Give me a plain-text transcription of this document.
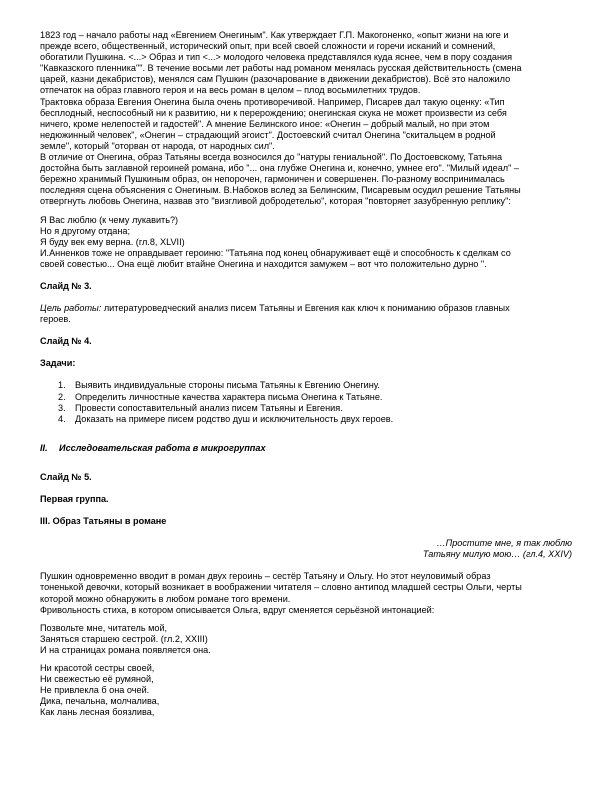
1823 год – начало работы над «Евгением Онегиным". Как утверждает Г.П. Макогоненко, «опыт жизни на юге и

прежде всего, общественный, исторический опыт, при всей своей сложности и горечи исканий и сомнений,

обогатили Пушкина. <...> Образ и тип <...> молодого человека представлялся куда яснее, чем в пору создания

"Кавказского пленника"". В течение восьми лет работы над романом менялась русская действительность (смена

царей, казни декабристов), менялся сам Пушкин (разочарование в движении декабристов). Всё это наложило

отпечаток на образ главного героя и на весь роман в целом – плод восьмилетних трудов.

Трактовка образа Евгения Онегина была очень противоречивой. Например, Писарев дал такую оценку: «Тип

бесплодный, неспособный ни к развитию, ни к перерождению; онегинская скука не может произвести из себя

ничего, кроме нелепостей и гадостей". А мнение Белинского иное: «Онегин – добрый малый, но при этом

недюжинный человек", «Онегин – страдающий эгоист". Достоевский считал Онегина "скитальцем в родной

земле", который "оторван от народа, от народных сил".

В отличие от Онегина, образ Татьяны всегда возносился до "натуры гениальной". По Достоевскому, Татьяна

достойна быть заглавной героиней романа, ибо "... она глубже Онегина и, конечно, умнее его". "Милый идеал" –

бережно хранимый Пушкиным образ, он непорочен, гармоничен и совершенен. По-разному воспринималась

последняя сцена объяснения с Онегиным. В.Набоков вслед за Белинским, Писаревым осудил решение Татьяны

отвергнуть любовь Онегина, назвав это "визгливой добродетелью", которая "повторяет зазубренную реплику":

Я Вас люблю (к чему лукавить?)

Но я другому отдана;

Я буду век ему верна. (гл.8, XLVII)

И.Анненков тоже не оправдывает героиню: "Татьяна под конец обнаруживает ещё и способность к сделкам со

своей совестью... Она ещё любит втайне Онегина и находится замужем – вот что положительно дурно ".

Слайд № 3.

Цель работы: литературоведческий анализ писем Татьяны и Евгения как ключ к пониманию образов главных

героев.

Слайд № 4.

Задачи:

1.	Выявить индивидуальные стороны письма Татьяны к Евгению Онегину.
2.	Определить личностные качества характера письма Онегина к Татьяне.
3.	Провести сопоставительный анализ писем Татьяны и Евгения.
4.	Доказать на примере писем родство душ и исключительность двух героев.

II.	Исследовательская работа в микрогруппах

Слайд № 5.

Первая группа.

III. Образ Татьяны в романе

…Простите мне, я так люблю

Татьяну милую мою… (гл.4, XXIV)

Пушкин одновременно вводит в роман двух героинь – сестёр Татьяну и Ольгу. Но этот неуловимый образ

тоненькой девочки, который возникает в воображении читателя – словно антипод младшей сестры Ольги, черты

которой можно обнаружить в любом романе того времени.

Фривольность стиха, в котором описывается Ольга, вдруг сменяется серьёзной интонацией:

Позвольте мне, читатель мой,

Заняться старшею сестрой. (гл.2, XXIII)

И на страницах романа появляется она.

Ни красотой сестры своей,

Ни свежестью её румяной,

Не привлекла б она очей.

Дика, печальна, молчалива,

Как лань лесная боязлива,
